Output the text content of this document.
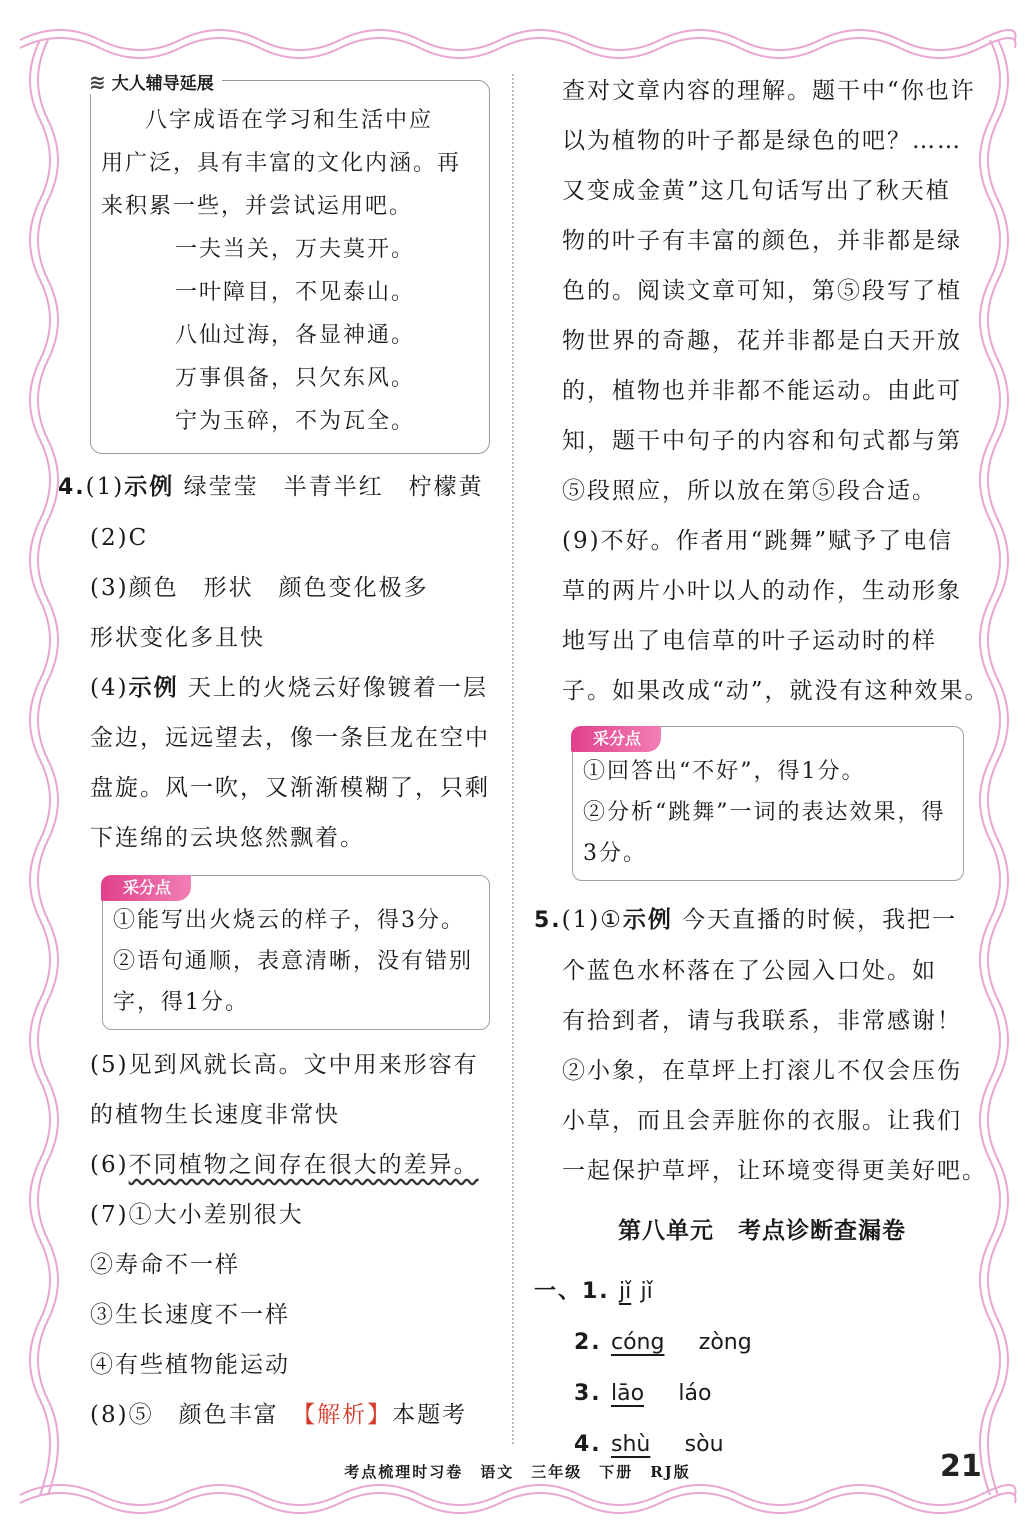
≋ 大人辅导延展

八字成语在学习和生活中应

用广泛，具有丰富的文化内涵。再

来积累一些，并尝试运用吧。

一夫当关，万夫莫开。

一叶障目，不见泰山。

八仙过海，各显神通。

万事俱备，只欠东风。

宁为玉碎，不为瓦全。

4.(1)示例 绿莹莹　半青半红　柠檬黄

(2)C

(3)颜色　形状　颜色变化极多

形状变化多且快

(4)示例 天上的火烧云好像镀着一层

金边，远远望去，像一条巨龙在空中

盘旋。风一吹，又渐渐模糊了，只剩

下连绵的云块悠然飘着。

采分点

①能写出火烧云的样子，得3分。

②语句通顺，表意清晰，没有错别

字，得1分。

(5)见到风就长高。文中用来形容有

的植物生长速度非常快

(6)不同植物之间存在很大的差异。

(7)①大小差别很大

②寿命不一样

③生长速度不一样

④有些植物能运动

(8)⑤　颜色丰富　 【解析】本题考

查对文章内容的理解。题干中“你也许

以为植物的叶子都是绿色的吧？……

又变成金黄”这几句话写出了秋天植

物的叶子有丰富的颜色，并非都是绿

色的。阅读文章可知，第⑤段写了植

物世界的奇趣，花并非都是白天开放

的，植物也并非都不能运动。由此可

知，题干中句子的内容和句式都与第

⑤段照应，所以放在第⑤段合适。

(9)不好。作者用“跳舞”赋予了电信

草的两片小叶以人的动作，生动形象

地写出了电信草的叶子运动时的样

子。如果改成“动”，就没有这种效果。

采分点

①回答出“不好”，得1分。

②分析“跳舞”一词的表达效果，得

3分。

5.(1)①示例 今天直播的时候，我把一

个蓝色水杯落在了公园入口处。如

有拾到者，请与我联系，非常感谢！

②小象，在草坪上打滚儿不仅会压伤

小草，而且会弄脏你的衣服。让我们

一起保护草坪，让环境变得更美好吧。

第八单元　考点诊断查漏卷

一、1. jǐ jǐ

2. cóng　 zòng

3. lāo　 láo

4. shù　 sòu

考点梳理时习卷　语文　三年级　下册　RJ版	21
